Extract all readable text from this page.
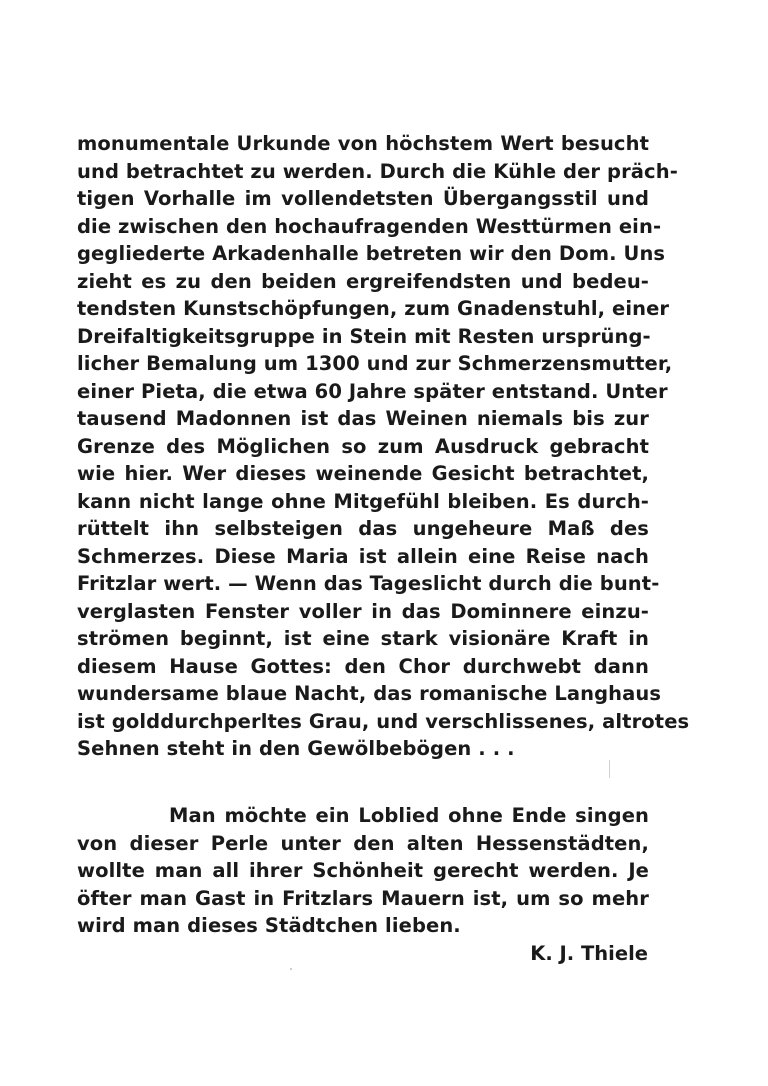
monumentale Urkunde von höchstem Wert besucht
und betrachtet zu werden. Durch die Kühle der präch-
tigen Vorhalle im vollendetsten Übergangsstil und
die zwischen den hochaufragenden Westtürmen ein-
gegliederte Arkadenhalle betreten wir den Dom. Uns
zieht es zu den beiden ergreifendsten und bedeu-
tendsten Kunstschöpfungen, zum Gnadenstuhl, einer
Dreifaltigkeitsgruppe in Stein mit Resten ursprüng-
licher Bemalung um 1300 und zur Schmerzensmutter,
einer Pieta, die etwa 60 Jahre später entstand. Unter
tausend Madonnen ist das Weinen niemals bis zur
Grenze des Möglichen so zum Ausdruck gebracht
wie hier. Wer dieses weinende Gesicht betrachtet,
kann nicht lange ohne Mitgefühl bleiben. Es durch-
rüttelt ihn selbsteigen das ungeheure Maß des
Schmerzes. Diese Maria ist allein eine Reise nach
Fritzlar wert. — Wenn das Tageslicht durch die bunt-
verglasten Fenster voller in das Dominnere einzu-
strömen beginnt, ist eine stark visionäre Kraft in
diesem Hause Gottes: den Chor durchwebt dann
wundersame blaue Nacht, das romanische Langhaus
ist golddurchperltes Grau, und verschlissenes, altrotes
Sehnen steht in den Gewölbebögen . . .
Man möchte ein Loblied ohne Ende singen
von dieser Perle unter den alten Hessenstädten,
wollte man all ihrer Schönheit gerecht werden. Je
öfter man Gast in Fritzlars Mauern ist, um so mehr
wird man dieses Städtchen lieben.
K. J. Thiele
